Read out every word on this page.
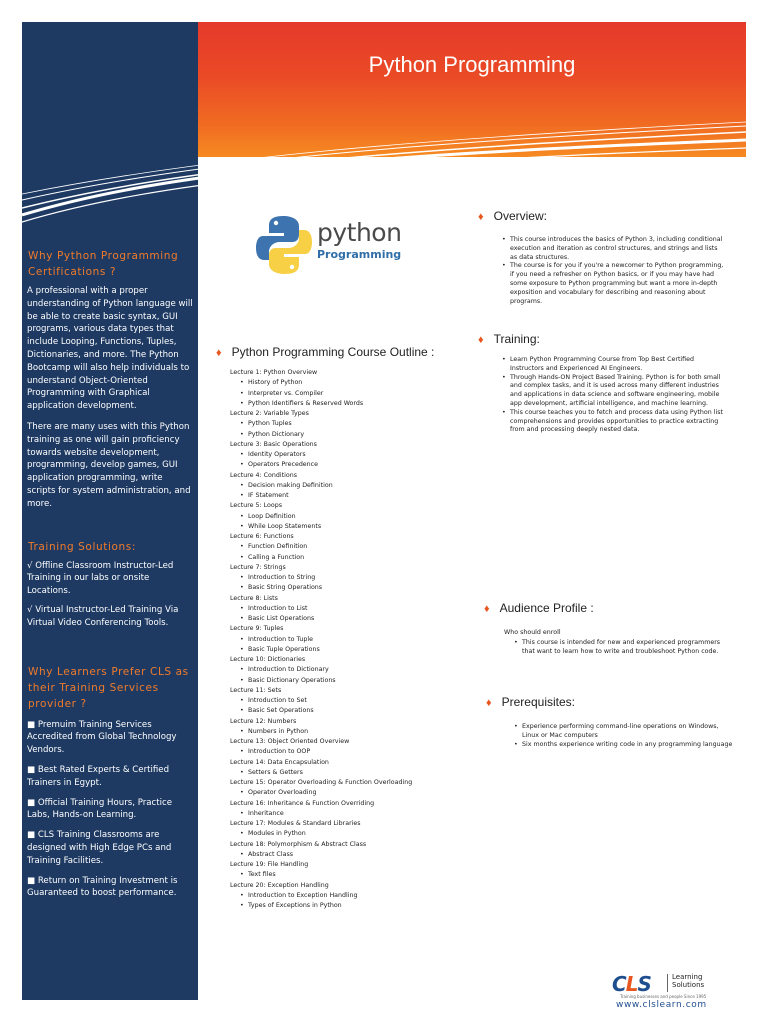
Why Python Programming Certifications ?
A professional with a proper understanding of Python language will be able to create basic syntax, GUI programs, various data types that include Looping, Functions, Tuples, Dictionaries, and more. The Python Bootcamp will also help individuals to understand Object-Oriented Programming with Graphical application development.
There are many uses with this Python training as one will gain proficiency towards website development, programming, develop games, GUI application programming, write scripts for system administration, and more.
Training Solutions:
√ Offline Classroom Instructor-Led Training in our labs or onsite Locations.
√ Virtual Instructor-Led Training Via Virtual Video Conferencing Tools.
Why Learners Prefer CLS as their Training Services provider ?
■ Premuim Training Services Accredited from Global Technology Vendors.
■ Best Rated Experts & Certified Trainers in Egypt.
■ Official Training Hours, Practice Labs, Hands-on Learning.
■ CLS Training Classrooms are designed with High Edge PCs and Training Facilities.
■ Return on Training Investment is Guaranteed to boost performance.
Python Programming
python
Programming
♦ Python Programming Course Outline :
Lecture 1: Python Overview
• History of Python
• Interpreter vs. Compiler
• Python Identifiers & Reserved Words
Lecture 2: Variable Types
• Python Tuples
• Python Dictionary
Lecture 3: Basic Operations
• Identity Operators
• Operators Precedence
Lecture 4: Conditions
• Decision making Definition
• IF Statement
Lecture 5: Loops
• Loop Definition
• While Loop Statements
Lecture 6: Functions
• Function Definition
• Calling a Function
Lecture 7: Strings
• Introduction to String
• Basic String Operations
Lecture 8: Lists
• Introduction to List
• Basic List Operations
Lecture 9: Tuples
• Introduction to Tuple
• Basic Tuple Operations
Lecture 10: Dictionaries
• Introduction to Dictionary
• Basic Dictionary Operations
Lecture 11: Sets
• Introduction to Set
• Basic Set Operations
Lecture 12: Numbers
• Numbers in Python
Lecture 13: Object Oriented Overview
• Introduction to OOP
Lecture 14: Data Encapsulation
• Setters & Getters
Lecture 15: Operator Overloading & Function Overloading
• Operator Overloading
Lecture 16: Inheritance & Function Overriding
• Inheritance
Lecture 17: Modules & Standard Libraries
• Modules in Python
Lecture 18: Polymorphism & Abstract Class
• Abstract Class
Lecture 19: File Handling
• Text files
Lecture 20: Exception Handling
• Introduction to Exception Handling
• Types of Exceptions in Python
♦ Overview:
• This course introduces the basics of Python 3, including conditional execution and iteration as control structures, and strings and lists as data structures.
• The course is for you if you're a newcomer to Python programming, if you need a refresher on Python basics, or if you may have had some exposure to Python programming but want a more in-depth exposition and vocabulary for describing and reasoning about programs.
♦ Training:
• Learn Python Programming Course from Top Best Certified Instructors and Experienced AI Engineers.
• Through Hands-ON Project Based Training. Python is for both small and complex tasks, and it is used across many different industries and applications in data science and software engineering, mobile app development, artificial intelligence, and machine learning.
• This course teaches you to fetch and process data using Python list comprehensions and provides opportunities to practice extracting from and processing deeply nested data.
♦ Audience Profile :
Who should enroll
• This course is intended for new and experienced programmers that want to learn how to write and troubleshoot Python code.
♦ Prerequisites:
• Experience performing command-line operations on Windows, Linux or Mac computers
• Six months experience writing code in any programming language
CLS	Learning
Solutions
Training businesses and people Since 1995
www.clslearn.com
